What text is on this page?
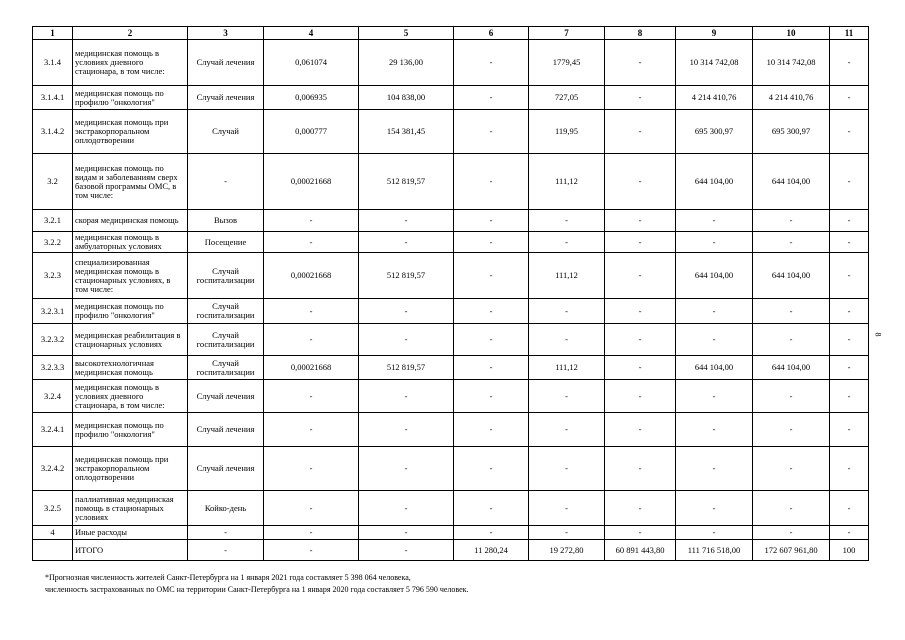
1	2	3	4	5	6	7	8	9	10	11
3.1.4	медицинская помощь в условиях дневного стационара, в том числе:	Случай лечения	0,061074	29 136,00	-	1779,45	-	10 314 742,08	10 314 742,08	-
3.1.4.1	медицинская помощь по профилю "онкология"	Случай лечения	0,006935	104 838,00	-	727,05	-	4 214 410,76	4 214 410,76	-
3.1.4.2	медицинская помощь при экстракорпоральном оплодотворении	Случай	0,000777	154 381,45	-	119,95	-	695 300,97	695 300,97	-
3.2	медицинская помощь по видам и заболеваниям сверх базовой программы ОМС, в том числе:	-	0,00021668	512 819,57	-	111,12	-	644 104,00	644 104,00	-
3.2.1	скорая медицинская помощь	Вызов	-	-	-	-	-	-	-	-
3.2.2	медицинская помощь в амбулаторных условиях	Посещение	-	-	-	-	-	-	-	-
3.2.3	специализированная медицинская помощь в стационарных условиях, в том числе:	Случай госпитализации	0,00021668	512 819,57	-	111,12	-	644 104,00	644 104,00	-
3.2.3.1	медицинская помощь по профилю "онкология"	Случай госпитализации	-	-	-	-	-	-	-	-
3.2.3.2	медицинская реабилитация в стационарных условиях	Случай госпитализации	-	-	-	-	-	-	-	-
3.2.3.3	высокотехнологичная медицинская помощь	Случай госпитализации	0,00021668	512 819,57	-	111,12	-	644 104,00	644 104,00	-
3.2.4	медицинская помощь в условиях дневного стационара, в том числе:	Случай лечения	-	-	-	-	-	-	-	-
3.2.4.1	медицинская помощь по профилю "онкология"	Случай лечения	-	-	-	-	-	-	-	-
3.2.4.2	медицинская помощь при экстракорпоральном оплодотворении	Случай лечения	-	-	-	-	-	-	-	-
3.2.5	паллиативная медицинская помощь в стационарных условиях	Койко-день	-	-	-	-	-	-	-	-
4	Иные расходы	-	-	-	-	-	-	-	-	-
	ИТОГО	-	-	-	11 280,24	19 272,80	60 891 443,80	111 716 518,00	172 607 961,80	100
*Прогнозная численность жителей Санкт-Петербурга на 1 января 2021 года составляет 5 398 064 человека,
численность застрахованных по ОМС на территории Санкт-Петербурга на 1 января 2020 года составляет 5 796 590 человек.
8
